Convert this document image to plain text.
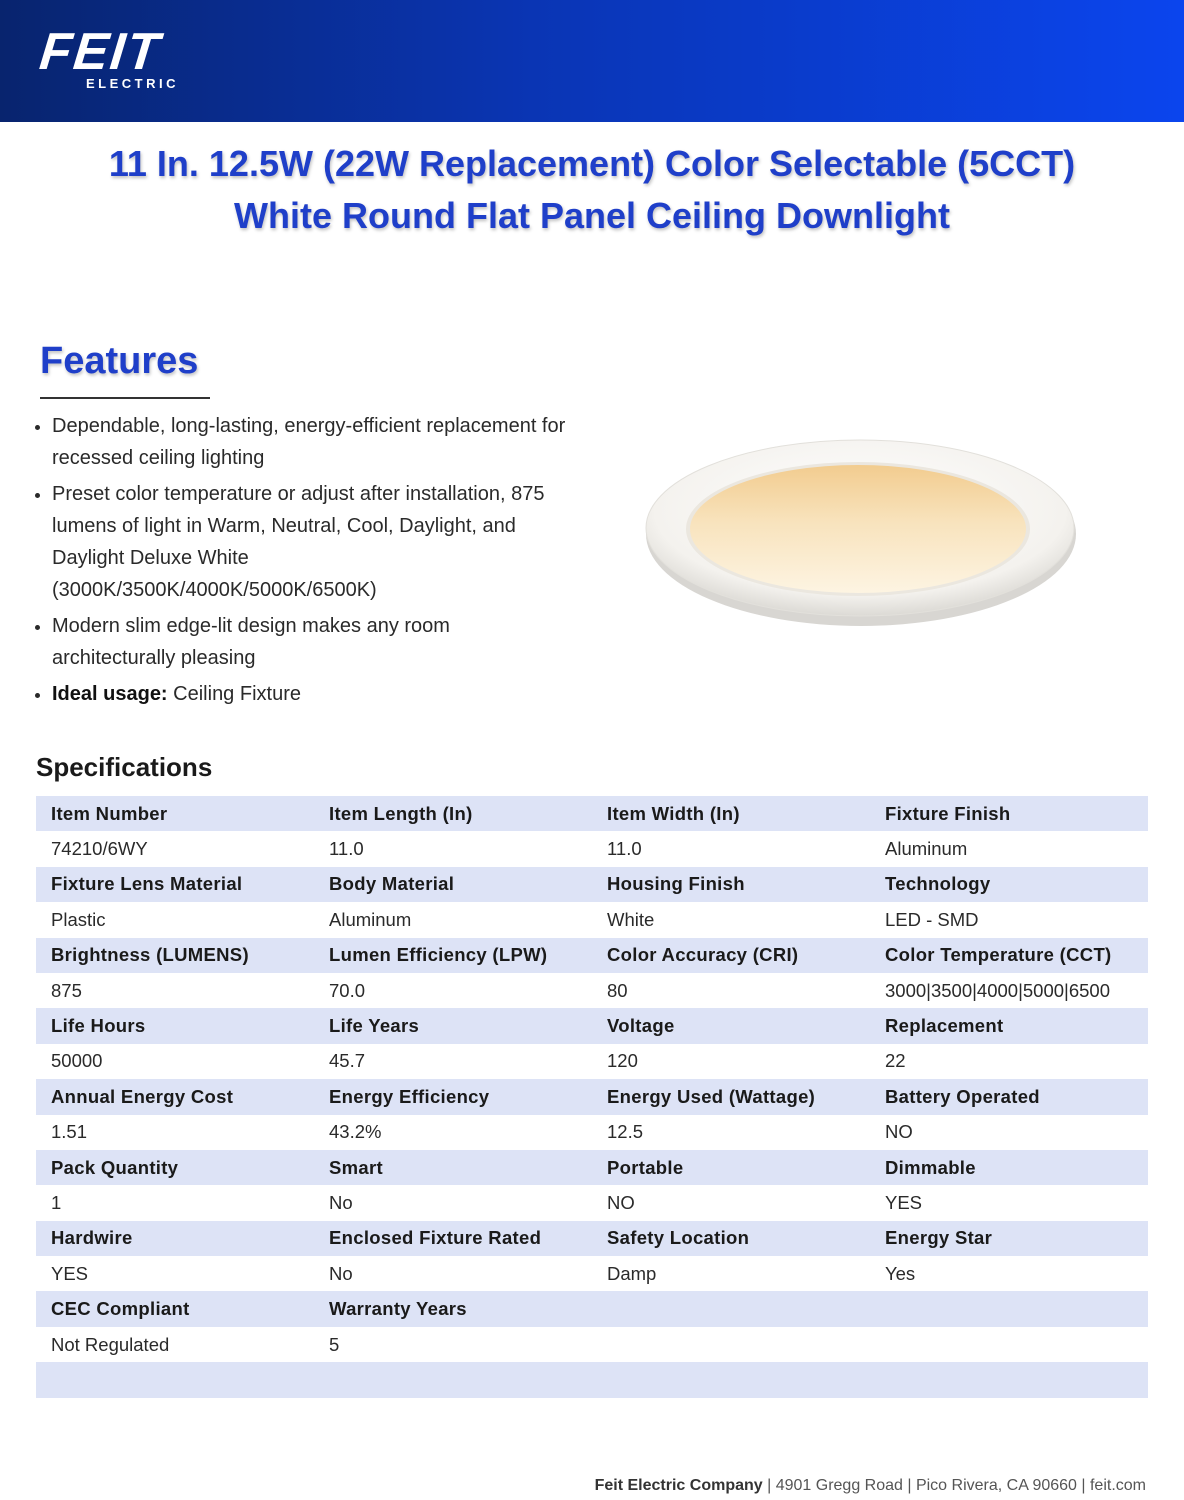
FEIT
ELECTRIC
11 In. 12.5W (22W Replacement) Color Selectable (5CCT)
White Round Flat Panel Ceiling Downlight
Features
• Dependable, long-lasting, energy-efficient replacement for recessed ceiling lighting
• Preset color temperature or adjust after installation, 875 lumens of light in Warm, Neutral, Cool, Daylight, and Daylight Deluxe White (3000K/3500K/4000K/5000K/6500K)
• Modern slim edge-lit design makes any room architecturally pleasing
• Ideal usage: Ceiling Fixture
Specifications
Item Number	Item Length (In)	Item Width (In)	Fixture Finish
74210/6WY	11.0	11.0	Aluminum
Fixture Lens Material	Body Material	Housing Finish	Technology
Plastic	Aluminum	White	LED - SMD
Brightness (LUMENS)	Lumen Efficiency (LPW)	Color Accuracy (CRI)	Color Temperature (CCT)
875	70.0	80	3000|3500|4000|5000|6500
Life Hours	Life Years	Voltage	Replacement
50000	45.7	120	22
Annual Energy Cost	Energy Efficiency	Energy Used (Wattage)	Battery Operated
1.51	43.2%	12.5	NO
Pack Quantity	Smart	Portable	Dimmable
1	No	NO	YES
Hardwire	Enclosed Fixture Rated	Safety Location	Energy Star
YES	No	Damp	Yes
CEC Compliant	Warranty Years		
Not Regulated	5		

Feit Electric Company | 4901 Gregg Road | Pico Rivera, CA 90660 | feit.com
